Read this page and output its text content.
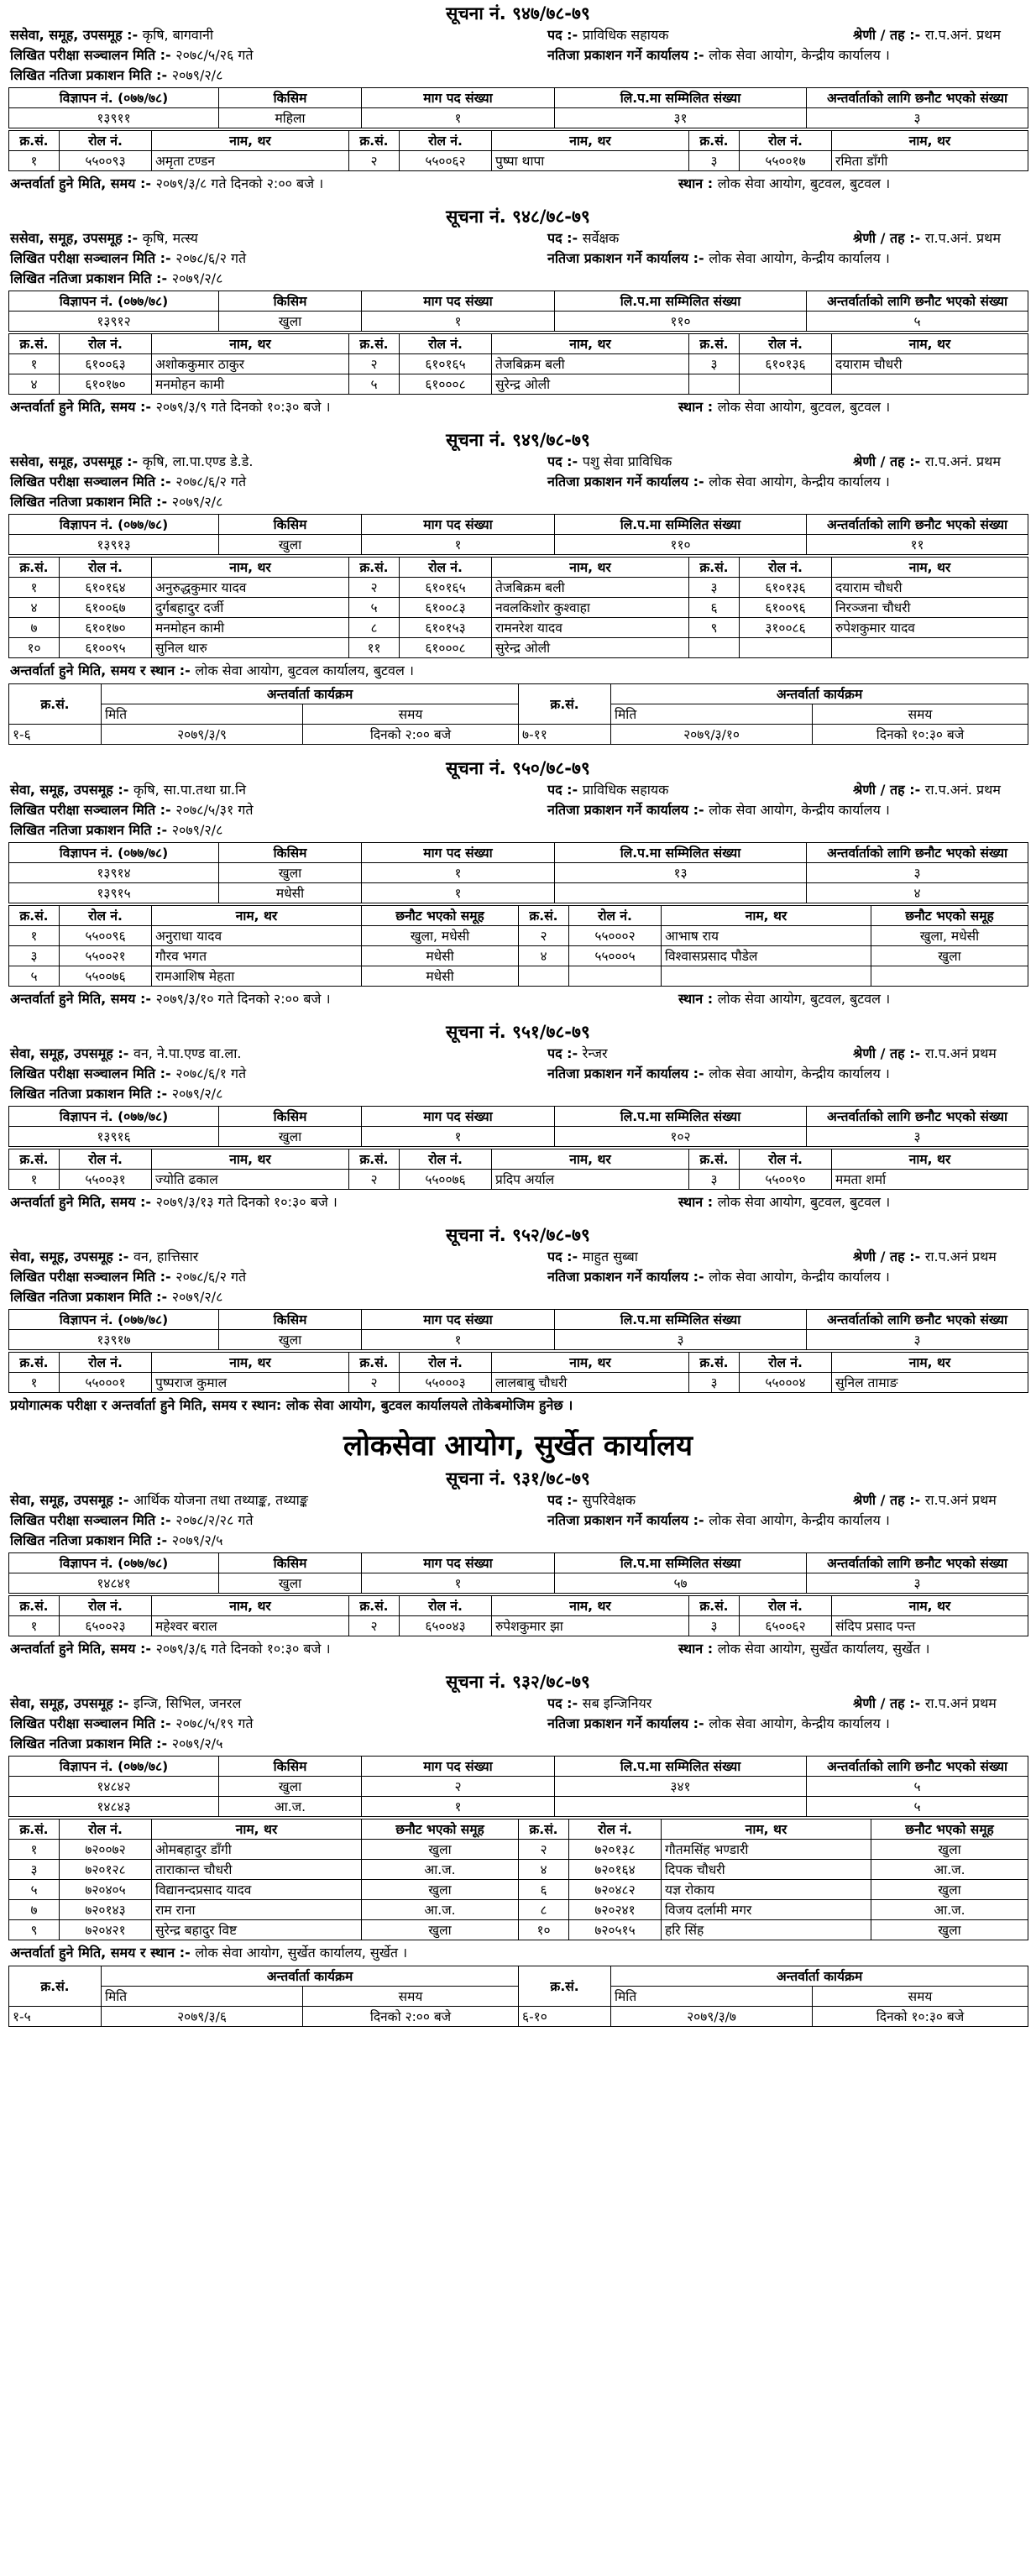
सूचना नं. ९४७/७८-७९
ससेवा, समूह, उपसमूह :- कृषि, बागवानी	पद :- प्राविधिक सहायक	श्रेणी / तह :- रा.प.अनं. प्रथम
लिखित परीक्षा सञ्चालन मिति :- २०७८/५/२६ गते	नतिजा प्रकाशन गर्ने कार्यालय :- लोक सेवा आयोग, केन्द्रीय कार्यालय ।
लिखित नतिजा प्रकाशन मिति :- २०७९/२/८
विज्ञापन नं. (०७७/७८)	किसिम	माग पद संख्या	लि.प.मा सम्मिलित संख्या	अन्तर्वार्ताको लागि छनौट भएको संख्या
१३९११	महिला	१	३१	३
क्र.सं.	रोल नं.	नाम, थर	क्र.सं.	रोल नं.	नाम, थर	क्र.सं.	रोल नं.	नाम, थर
१	५५००९३	अमृता टण्डन	२	५५००६२	पुष्पा थापा	३	५५००१७	रमिता डाँगी
अन्तर्वार्ता हुने मिति, समय :- २०७९/३/८ गते दिनको २:०० बजे ।	स्थान : लोक सेवा आयोग, बुटवल, बुटवल ।
सूचना नं. ९४८/७८-७९
ससेवा, समूह, उपसमूह :- कृषि, मत्स्य	पद :- सर्वेक्षक	श्रेणी / तह :- रा.प.अनं. प्रथम
लिखित परीक्षा सञ्चालन मिति :- २०७८/६/२ गते	नतिजा प्रकाशन गर्ने कार्यालय :- लोक सेवा आयोग, केन्द्रीय कार्यालय ।
लिखित नतिजा प्रकाशन मिति :- २०७९/२/८
विज्ञापन नं. (०७७/७८)	किसिम	माग पद संख्या	लि.प.मा सम्मिलित संख्या	अन्तर्वार्ताको लागि छनौट भएको संख्या
१३९१२	खुला	१	११०	५
क्र.सं.	रोल नं.	नाम, थर	क्र.सं.	रोल नं.	नाम, थर	क्र.सं.	रोल नं.	नाम, थर
१	६१००६३	अशोककुमार ठाकुर	२	६१०१६५	तेजबिक्रम बली	३	६१०१३६	दयाराम चौधरी
४	६१०१७०	मनमोहन कामी	५	६१०००८	सुरेन्द्र ओली			
अन्तर्वार्ता हुने मिति, समय :- २०७९/३/९ गते दिनको १०:३० बजे ।	स्थान : लोक सेवा आयोग, बुटवल, बुटवल ।
सूचना नं. ९४९/७८-७९
ससेवा, समूह, उपसमूह :- कृषि, ला.पा.एण्ड डे.डे.	पद :- पशु सेवा प्राविधिक	श्रेणी / तह :- रा.प.अनं. प्रथम
लिखित परीक्षा सञ्चालन मिति :- २०७८/६/२ गते	नतिजा प्रकाशन गर्ने कार्यालय :- लोक सेवा आयोग, केन्द्रीय कार्यालय ।
लिखित नतिजा प्रकाशन मिति :- २०७९/२/८
विज्ञापन नं. (०७७/७८)	किसिम	माग पद संख्या	लि.प.मा सम्मिलित संख्या	अन्तर्वार्ताको लागि छनौट भएको संख्या
१३९१३	खुला	१	११०	११
क्र.सं.	रोल नं.	नाम, थर	क्र.सं.	रोल नं.	नाम, थर	क्र.सं.	रोल नं.	नाम, थर
१	६१०१६४	अनुरुद्धकुमार यादव	२	६१०१६५	तेजबिक्रम बली	३	६१०१३६	दयाराम चौधरी
४	६१००६७	दुर्गबहादुर दर्जी	५	६१००८३	नवलकिशोर कुश्वाहा	६	६१००९६	निरञ्जना चौधरी
७	६१०१७०	मनमोहन कामी	८	६१०१५३	रामनरेश यादव	९	३१००८६	रुपेशकुमार यादव
१०	६१००९५	सुनिल थारु	११	६१०००८	सुरेन्द्र ओली			
अन्तर्वार्ता हुने मिति, समय र स्थान :- लोक सेवा आयोग, बुटवल कार्यालय, बुटवल ।
क्र.सं.	अन्तर्वार्ता कार्यक्रम		क्र.सं.	अन्तर्वार्ता कार्यक्रम	
	मिति	समय		मिति	समय
१-६	२०७९/३/९	दिनको २:०० बजे	७-११	२०७९/३/१०	दिनको १०:३० बजे
सूचना नं. ९५०/७८-७९
सेवा, समूह, उपसमूह :- कृषि, सा.पा.तथा ग्रा.नि	पद :- प्राविधिक सहायक	श्रेणी / तह :- रा.प.अनं. प्रथम
लिखित परीक्षा सञ्चालन मिति :- २०७८/५/३१ गते	नतिजा प्रकाशन गर्ने कार्यालय :- लोक सेवा आयोग, केन्द्रीय कार्यालय ।
लिखित नतिजा प्रकाशन मिति :- २०७९/२/८
विज्ञापन नं. (०७७/७८)	किसिम	माग पद संख्या	लि.प.मा सम्मिलित संख्या	अन्तर्वार्ताको लागि छनौट भएको संख्या
१३९१४	खुला	१	१३	३
१३९१५	मधेसी	१		४
क्र.सं.	रोल नं.	नाम, थर	छनौट भएको समूह	क्र.सं.	रोल नं.	नाम, थर	छनौट भएको समूह
१	५५००९६	अनुराधा यादव	खुला, मधेसी	२	५५०००२	आभाष राय	खुला, मधेसी
३	५५००२१	गौरव भगत	मधेसी	४	५५०००५	विश्वासप्रसाद पौडेल	खुला
५	५५००७६	रामआशिष मेहता	मधेसी				
अन्तर्वार्ता हुने मिति, समय :- २०७९/३/१० गते दिनको २:०० बजे ।	स्थान : लोक सेवा आयोग, बुटवल, बुटवल ।
सूचना नं. ९५१/७८-७९
सेवा, समूह, उपसमूह :- वन, ने.पा.एण्ड वा.ला.	पद :- रेन्जर	श्रेणी / तह :- रा.प.अनं प्रथम
लिखित परीक्षा सञ्चालन मिति :- २०७८/६/१ गते	नतिजा प्रकाशन गर्ने कार्यालय :- लोक सेवा आयोग, केन्द्रीय कार्यालय ।
लिखित नतिजा प्रकाशन मिति :- २०७९/२/८
विज्ञापन नं. (०७७/७८)	किसिम	माग पद संख्या	लि.प.मा सम्मिलित संख्या	अन्तर्वार्ताको लागि छनौट भएको संख्या
१३९१६	खुला	१	१०२	३
क्र.सं.	रोल नं.	नाम, थर	क्र.सं.	रोल नं.	नाम, थर	क्र.सं.	रोल नं.	नाम, थर
१	५५००३१	ज्योति ढकाल	२	५५००७६	प्रदिप अर्याल	३	५५००९०	ममता शर्मा
अन्तर्वार्ता हुने मिति, समय :- २०७९/३/१३ गते दिनको १०:३० बजे ।	स्थान : लोक सेवा आयोग, बुटवल, बुटवल ।
सूचना नं. ९५२/७८-७९
सेवा, समूह, उपसमूह :- वन, हात्तिसार	पद :- माहुत सुब्बा	श्रेणी / तह :- रा.प.अनं प्रथम
लिखित परीक्षा सञ्चालन मिति :- २०७८/६/२ गते	नतिजा प्रकाशन गर्ने कार्यालय :- लोक सेवा आयोग, केन्द्रीय कार्यालय ।
लिखित नतिजा प्रकाशन मिति :- २०७९/२/८
विज्ञापन नं. (०७७/७८)	किसिम	माग पद संख्या	लि.प.मा सम्मिलित संख्या	अन्तर्वार्ताको लागि छनौट भएको संख्या
१३९१७	खुला	१	३	३
क्र.सं.	रोल नं.	नाम, थर	क्र.सं.	रोल नं.	नाम, थर	क्र.सं.	रोल नं.	नाम, थर
१	५५०००१	पुष्पराज कुमाल	२	५५०००३	लालबाबु चौधरी	३	५५०००४	सुनिल तामाङ
प्रयोगात्मक परीक्षा र अन्तर्वार्ता हुने मिति, समय र स्थान: लोक सेवा आयोग, बुटवल कार्यालयले तोकेबमोजिम हुनेछ ।
लोकसेवा आयोग, सुर्खेत कार्यालय
सूचना नं. ९३१/७८-७९
सेवा, समूह, उपसमूह :- आर्थिक योजना तथा तथ्याङ्क, तथ्याङ्क	पद :- सुपरिवेक्षक	श्रेणी / तह :- रा.प.अनं प्रथम
लिखित परीक्षा सञ्चालन मिति :- २०७८/२/२८ गते	नतिजा प्रकाशन गर्ने कार्यालय :- लोक सेवा आयोग, केन्द्रीय कार्यालय ।
लिखित नतिजा प्रकाशन मिति :- २०७९/२/५
विज्ञापन नं. (०७७/७८)	किसिम	माग पद संख्या	लि.प.मा सम्मिलित संख्या	अन्तर्वार्ताको लागि छनौट भएको संख्या
१४८४१	खुला	१	५७	३
क्र.सं.	रोल नं.	नाम, थर	क्र.सं.	रोल नं.	नाम, थर	क्र.सं.	रोल नं.	नाम, थर
१	६५००२३	महेश्वर बराल	२	६५००४३	रुपेशकुमार झा	३	६५००६२	संदिप प्रसाद पन्त
अन्तर्वार्ता हुने मिति, समय :- २०७९/३/६ गते दिनको १०:३० बजे ।	स्थान : लोक सेवा आयोग, सुर्खेत कार्यालय, सुर्खेत ।
सूचना नं. ९३२/७८-७९
सेवा, समूह, उपसमूह :- इन्जि, सिभिल, जनरल	पद :- सब इन्जिनियर	श्रेणी / तह :- रा.प.अनं प्रथम
लिखित परीक्षा सञ्चालन मिति :- २०७८/५/१९ गते	नतिजा प्रकाशन गर्ने कार्यालय :- लोक सेवा आयोग, केन्द्रीय कार्यालय ।
लिखित नतिजा प्रकाशन मिति :- २०७९/२/५
विज्ञापन नं. (०७७/७८)	किसिम	माग पद संख्या	लि.प.मा सम्मिलित संख्या	अन्तर्वार्ताको लागि छनौट भएको संख्या
१४८४२	खुला	२	३४१	५
१४८४३	आ.ज.	१		५
क्र.सं.	रोल नं.	नाम, थर	छनौट भएको समूह	क्र.सं.	रोल नं.	नाम, थर	छनौट भएको समूह
१	७२००७२	ओमबहादुर डाँगी	खुला	२	७२०१३८	गौतमसिंह भण्डारी	खुला
३	७२०१२८	ताराकान्त चौधरी	आ.ज.	४	७२०१६४	दिपक चौधरी	आ.ज.
५	७२०४०५	विद्यानन्दप्रसाद यादव	खुला	६	७२०४८२	यज्ञ रोकाय	खुला
७	७२०१४३	राम राना	आ.ज.	८	७२०२४१	विजय दर्लामी मगर	आ.ज.
९	७२०४२१	सुरेन्द्र बहादुर विष्ट	खुला	१०	७२०५१५	हरि सिंह	खुला
अन्तर्वार्ता हुने मिति, समय र स्थान :- लोक सेवा आयोग, सुर्खेत कार्यालय, सुर्खेत ।
क्र.सं.	अन्तर्वार्ता कार्यक्रम		क्र.सं.	अन्तर्वार्ता कार्यक्रम	
	मिति	समय		मिति	समय
१-५	२०७९/३/६	दिनको २:०० बजे	६-१०	२०७९/३/७	दिनको १०:३० बजे
